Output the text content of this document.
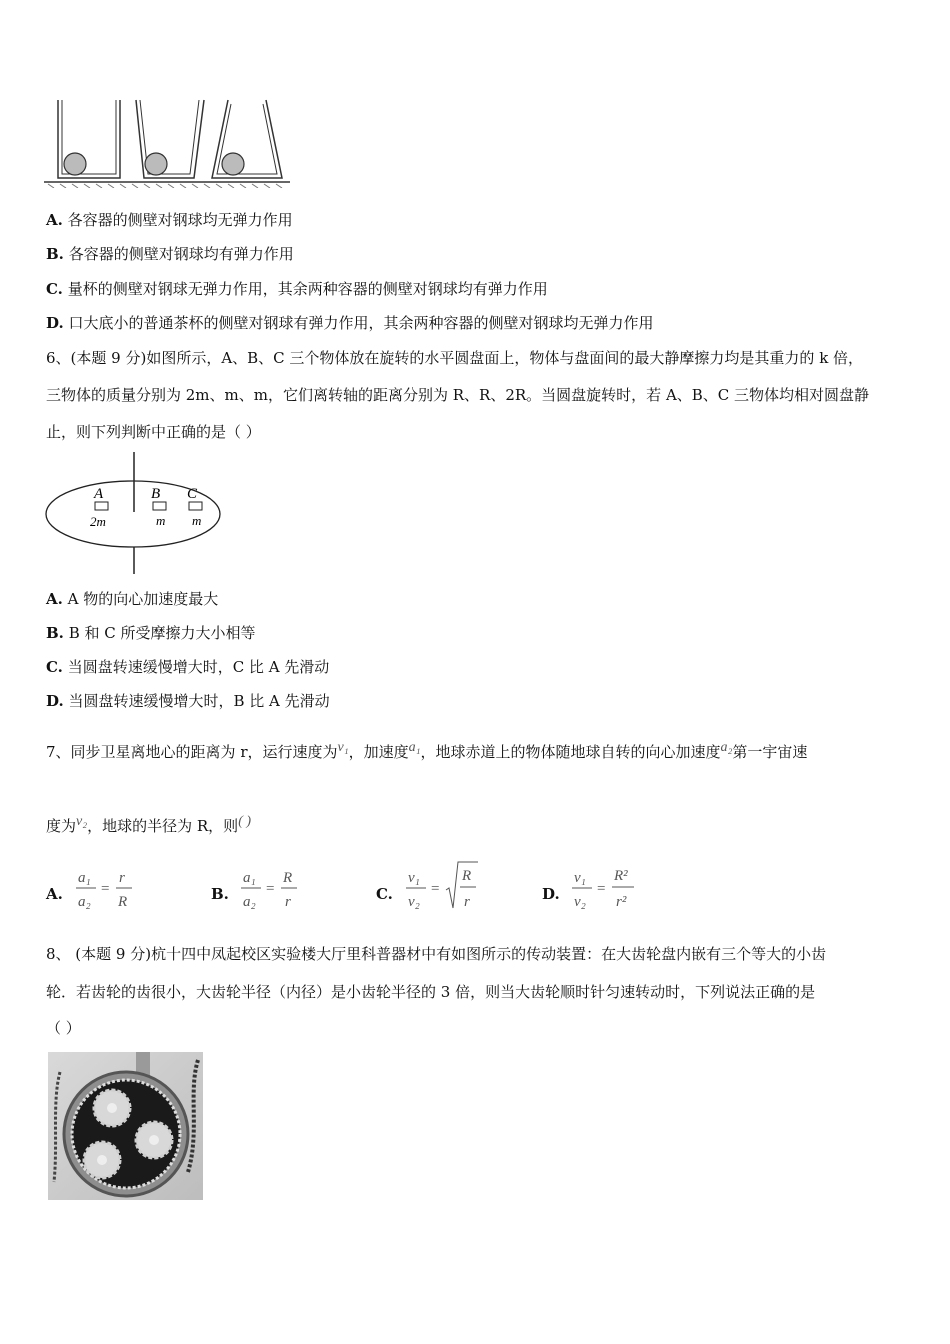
A. 各容器的侧壁对钢球均无弹力作用
B. 各容器的侧壁对钢球均有弹力作用
C. 量杯的侧壁对钢球无弹力作用，其余两种容器的侧壁对钢球均有弹力作用
D. 口大底小的普通茶杯的侧壁对钢球有弹力作用，其余两种容器的侧壁对钢球均无弹力作用
6、(本题 9 分)如图所示，A、B、C 三个物体放在旋转的水平圆盘面上，物体与盘面间的最大静摩擦力均是其重力的 k 倍，
三物体的质量分别为 2m、m、m，它们离转轴的距离分别为 R、R、2R。当圆盘旋转时，若 A、B、C 三物体均相对圆盘静
止，则下列判断中正确的是（ ）
A
2m
B
m
C
m
A. A 物的向心加速度最大
B. B 和 C 所受摩擦力大小相等
C. 当圆盘转速缓慢增大时，C 比 A 先滑动
D. 当圆盘转速缓慢增大时，B 比 A 先滑动
7、同步卫星离地心的距离为 r，运行速度为$^{v_1}$，加速度$^{a_1}$，地球赤道上的物体随地球自转的向心加速度$^{a_2}$第一宇宙速
度为$^{v_2}$，地球的半径为 R，则( )
A.
a₁
a₂
=
r
R	B.
a₁
a₂
=
R
r	C.
v₁
v₂
=
R
r	D.
v₁
v₂
=
R²
r²
8、 (本题 9 分)杭十四中凤起校区实验楼大厅里科普器材中有如图所示的传动装置：在大齿轮盘内嵌有三个等大的小齿
轮．若齿轮的齿很小，大齿轮半径（内径）是小齿轮半径的 3 倍，则当大齿轮顺时针匀速转动时，下列说法正确的是
（ ）
